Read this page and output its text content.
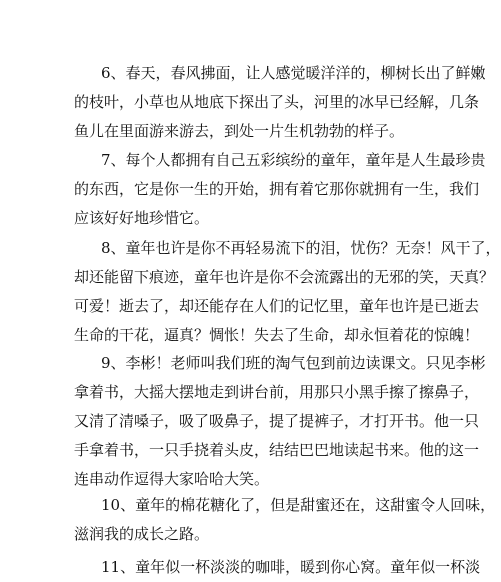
6、春天，春风拂面，让人感觉暖洋洋的，柳树长出了鲜嫩
的枝叶，小草也从地底下探出了头，河里的冰早已经解，几条
鱼儿在里面游来游去，到处一片生机勃勃的样子。

7、每个人都拥有自己五彩缤纷的童年，童年是人生最珍贵
的东西，它是你一生的开始，拥有着它那你就拥有一生，我们
应该好好地珍惜它。

8、童年也许是你不再轻易流下的泪，忧伤？无奈！风干了，
却还能留下痕迹，童年也许是你不会流露出的无邪的笑，天真？
可爱！逝去了，却还能存在人们的记忆里，童年也许是已逝去
生命的干花，逼真？惆怅！失去了生命，却永恒着花的惊魄！

9、李彬！老师叫我们班的淘气包到前边读课文。只见李彬
拿着书，大摇大摆地走到讲台前，用那只小黑手擦了擦鼻子，
又清了清嗓子，吸了吸鼻子，提了提裤子，才打开书。他一只
手拿着书，一只手挠着头皮，结结巴巴地读起书来。他的这一
连串动作逗得大家哈哈大笑。

10、童年的棉花糖化了，但是甜蜜还在，这甜蜜令人回味，
滋润我的成长之路。

11、童年似一杯淡淡的咖啡，暖到你心窝。童年似一杯淡
